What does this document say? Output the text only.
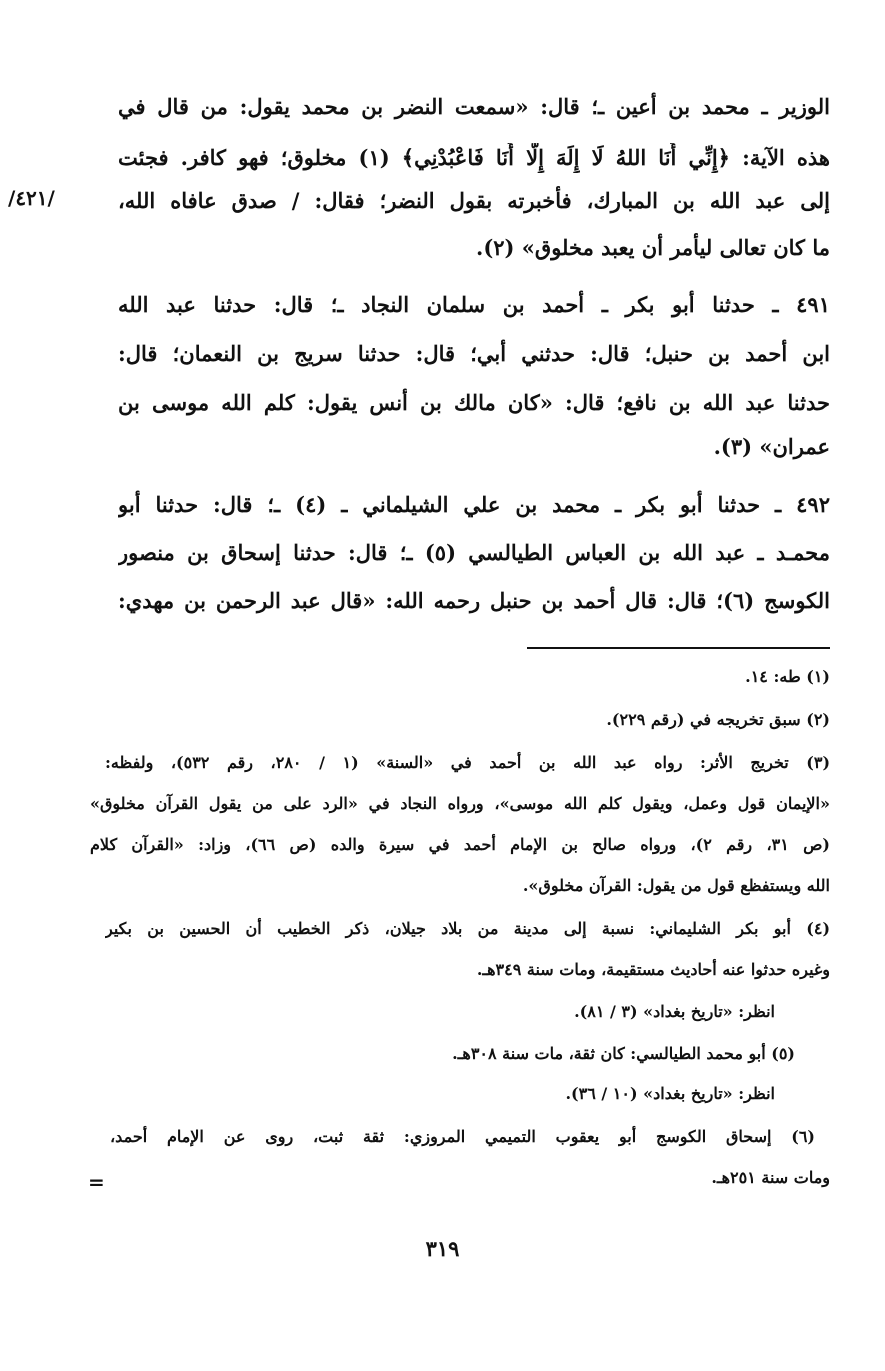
الوزير ـ محمد بن أعين ـ؛ قال: «سمعت النضر بن محمد يقول: من قال في
هذه الآية: ﴿إِنِّي أَنَا اللهُ لَا إِلَهَ إِلَّا أَنَا فَاعْبُدْنِي﴾ (١) مخلوق؛ فهو كافر. فجئت
إلى عبد الله بن المبارك، فأخبرته بقول النضر؛ فقال: / صدق عافاه الله،
ما كان تعالى ليأمر أن يعبد مخلوق» (٢).
٤٩١ ـ حدثنا أبو بكر ـ أحمد بن سلمان النجاد ـ؛ قال: حدثنا عبد الله
ابن أحمد بن حنبل؛ قال: حدثني أبي؛ قال: حدثنا سريج بن النعمان؛ قال:
حدثنا عبد الله بن نافع؛ قال: «كان مالك بن أنس يقول: كلم الله موسى بن
عمران» (٣).
٤٩٢ ـ حدثنا أبو بكر ـ محمد بن علي الشيلماني ـ (٤) ـ؛ قال: حدثنا أبو
محمـد ـ عبد الله بن العباس الطيالسي (٥) ـ؛ قال: حدثنا إسحاق بن منصور
الكوسج (٦)؛ قال: قال أحمد بن حنبل رحمه الله: «قال عبد الرحمن بن مهدي:
/٤٢١/
(١) طه: ١٤.
(٢) سبق تخريجه في (رقم ٢٢٩).
(٣) تخريج الأثر: رواه عبد الله بن أحمد في «السنة» (١ / ٢٨٠، رقم ٥٣٢)، ولفظه:
«الإيمان قول وعمل، ويقول كلم الله موسى»، ورواه النجاد في «الرد على من يقول القرآن مخلوق»
(ص ٣١، رقم ٢)، ورواه صالح بن الإمام أحمد في سيرة والده (ص ٦٦)، وزاد: «القرآن كلام
الله ويستفظع قول من يقول: القرآن مخلوق».
(٤) أبو بكر الشليماني: نسبة إلى مدينة من بلاد جيلان، ذكر الخطيب أن الحسين بن بكير
وغيره حدثوا عنه أحاديث مستقيمة، ومات سنة ٣٤٩هـ.
انظر: «تاريخ بغداد» (٣ / ٨١).
(٥) أبو محمد الطيالسي: كان ثقة، مات سنة ٣٠٨هـ.
انظر: «تاريخ بغداد» (١٠ / ٣٦).
(٦) إسحاق الكوسج أبو يعقوب التميمي المروزي: ثقة ثبت، روى عن الإمام أحمد،
ومات سنة ٢٥١هـ.
=
٣١٩
